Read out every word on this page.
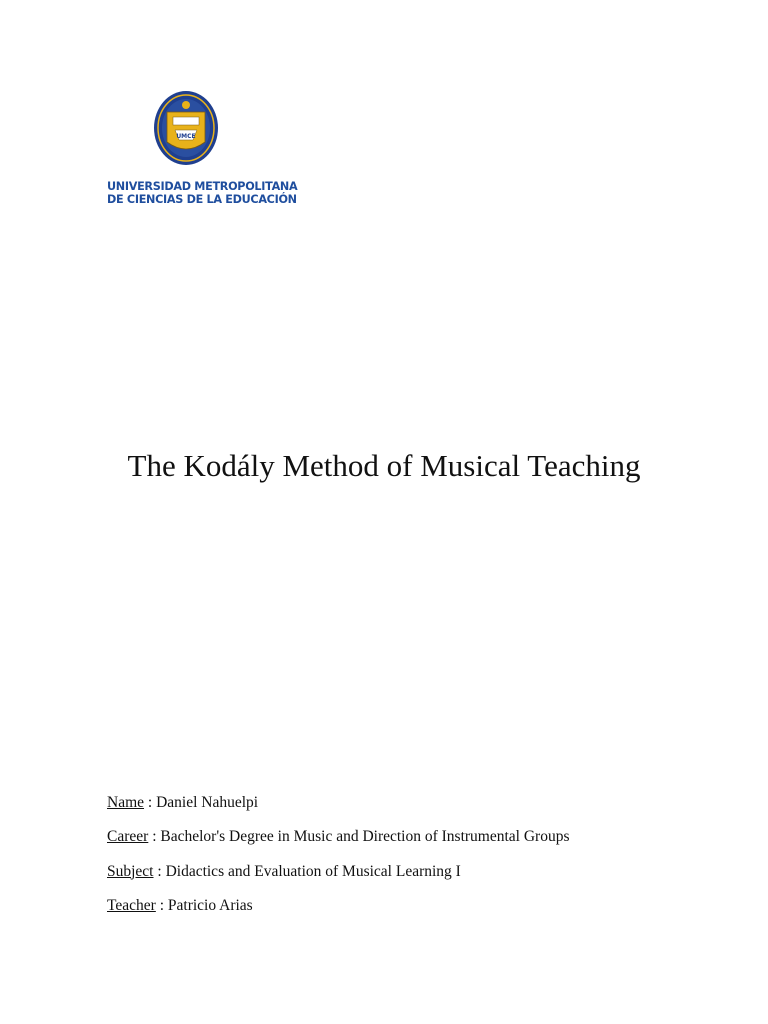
UMCE
UNIVERSIDAD METROPOLITANA
DE CIENCIAS DE LA EDUCACIÓN
The Kodály Method of Musical Teaching
Name : Daniel Nahuelpi
Career : Bachelor's Degree in Music and Direction of Instrumental Groups
Subject : Didactics and Evaluation of Musical Learning I
Teacher : Patricio Arias
